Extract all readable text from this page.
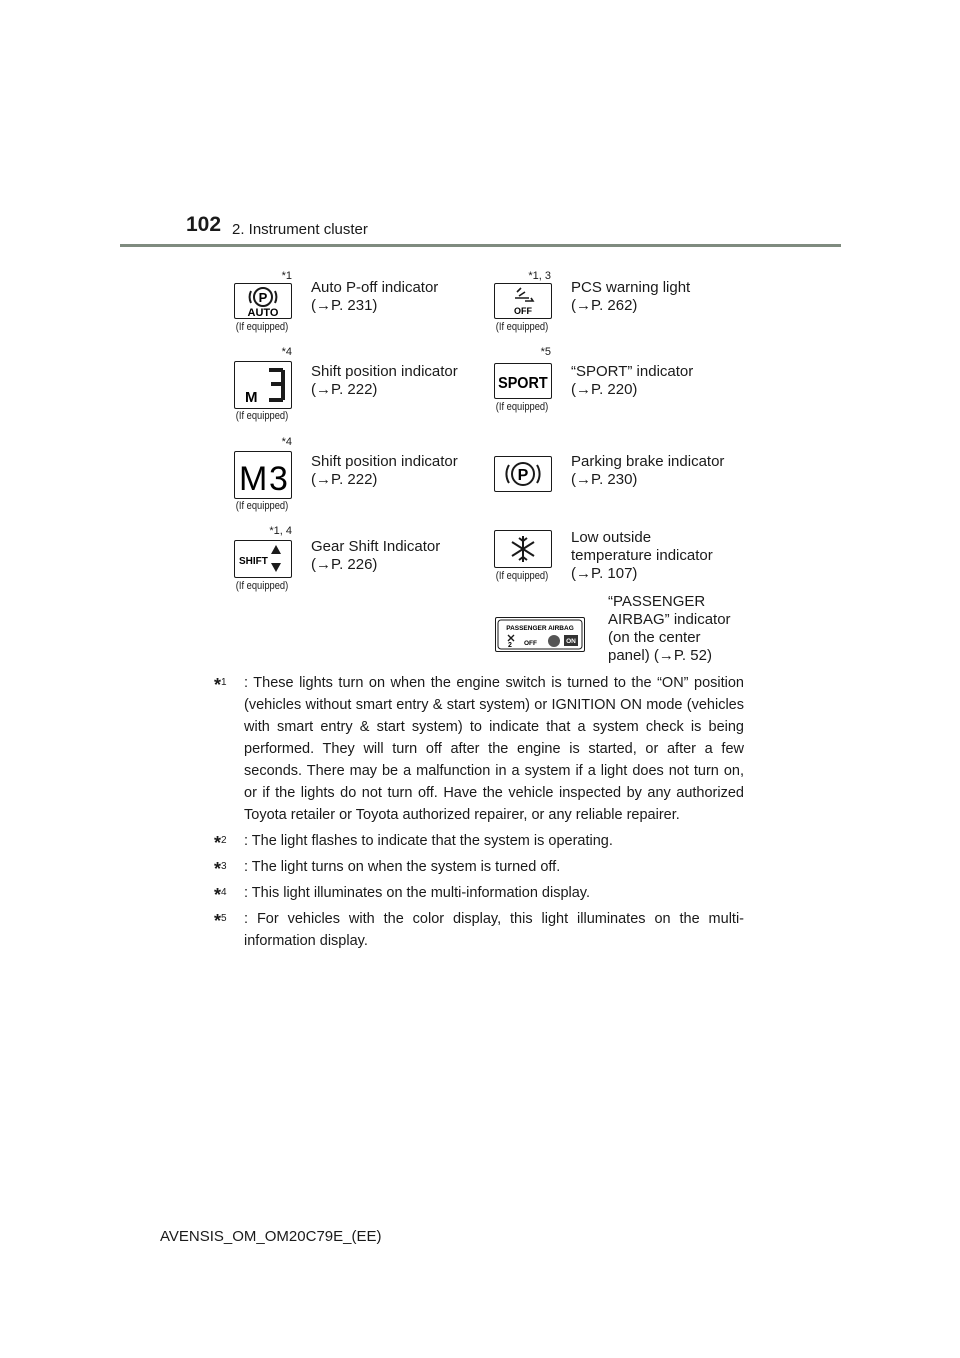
102 2. Instrument cluster
*1
P
AUTO
(If equipped)
Auto P-off indicator
(→P. 231)
*1, 3
OFF
(If equipped)
PCS warning light
(→P. 262)
*4
M
(If equipped)
Shift position indicator
(→P. 222)
*5
SPORT
(If equipped)
“SPORT” indicator
(→P. 220)
*4
M 3
(If equipped)
Shift position indicator
(→P. 222)	P
Parking brake indicator
(→P. 230)
*1, 4
SHIFT
(If equipped)
Gear Shift Indicator
(→P. 226)
(If equipped)
Low outside
temperature indicator
(→P. 107)
PASSENGER AIRBAG
2 OFF	ON
“PASSENGER
AIRBAG” indicator
(on the center
panel) (→P. 52)
*$^1$ : These lights turn on when the engine switch is turned to the “ON” position (vehicles without smart entry & start system) or IGNITION ON mode (vehicles with smart entry & start system) to indicate that a system check is being performed. They will turn off after the engine is started, or after a few seconds. There may be a malfunction in a system if a light does not turn on, or if the lights do not turn off. Have the vehicle inspected by any authorized Toyota retailer or Toyota authorized repairer, or any reliable repairer.
*$^2$ : The light flashes to indicate that the system is operating.
*$^3$ : The light turns on when the system is turned off.
*$^4$ : This light illuminates on the multi-information display.
*$^5$ : For vehicles with the color display, this light illuminates on the multi-information display.
AVENSIS_OM_OM20C79E_(EE)
